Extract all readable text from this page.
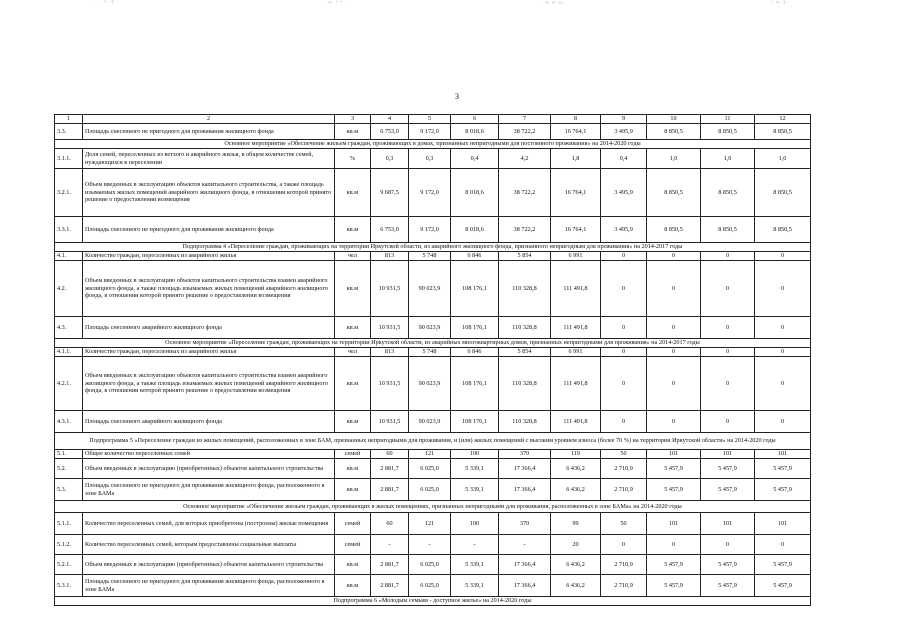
· ·+·† ·	·ч·++·	·ч·о·о·	ˉ·ч·т·
3
1	2	3	4	5	6	7	8	9	10	11	12
3.3.	Площадь снесенного не пригодного для проживания жилищного фонда	кв.м	6 753,0	9 172,0	8 018,6	38 722,2	16 764,1	3 495,9	8 850,5	8 850,5	8 850,5
Основное мероприятие «Обеспечение жильем граждан, проживающих в домах, признанных непригодными для постоянного проживания» на 2014-2020 годы											
3.1.1.	Доля семей, переселенных из ветхого и аварийного жилья, в общем количестве семей, нуждающихся в переселении	%	0,3	0,3	0,4	4,2	1,8	0,4	1,0	1,0	1,0
3.2.1.	Объем введенных в эксплуатацию объектов капитального строительства, а также площадь изымаемых жилых помещений аварийного жилищного фонда, в отношении которой принято решение о предоставлении возмещения	кв.м	9 687,5	9 172,0	8 018,6	38 722,2	16 764,1	3 495,9	8 850,5	8 850,5	8 850,5
3.3.1.	Площадь снесенного не пригодного для проживания жилищного фонда	кв.м	6 753,0	9 172,0	8 018,6	38 722,2	16 764,1	3 495,9	8 850,5	8 850,5	8 850,5
Подпрограмма 4 «Переселение граждан, проживающих на территории Иркутской области, из аварийного жилищного фонда, признанного непригодным для проживания» на 2014-2017 годы											
4.1.	Количество граждан, переселенных из аварийного жилья	чел	813	5 748	6 846	5 854	6 991	0	0	0	0
4.2.	Объем введенных в эксплуатацию объектов капитального строительства взамен аварийного жилищного фонда, а также площадь изымаемых жилых помещений аварийного жилищного фонда, в отношении которой принято решение о предоставлении возмещения	кв.м	10 931,5	90 023,9	108 176,1	110 328,8	111 491,8	0	0	0	0
4.3.	Площадь снесенного аварийного жилищного фонда	кв.м	10 931,5	90 023,9	108 176,1	110 328,8	111 491,8	0	0	0	0
Основное мероприятие «Переселение граждан, проживающих на территории Иркутской области, из аварийных многоквартирных домов, признанных непригодными для проживания» на 2014-2017 годы											
4.1.1.	Количество граждан, переселенных из аварийного жилья	чел	813	5 748	6 846	5 854	6 991	0	0	0	0
4.2.1.	Объем введенных в эксплуатацию объектов капитального строительства взамен аварийного жилищного фонда, а также площадь изымаемых жилых помещений аварийного жилищного фонда, в отношении которой принято решение о предоставлении возмещения	кв.м	10 931,5	90 023,9	108 176,1	110 328,8	111 491,8	0	0	0	0
4.3.1.	Площадь снесенного аварийного жилищного фонда	кв.м	10 931,5	90 023,9	108 176,1	110 328,8	111 491,8	0	0	0	0
Подпрограмма 5 «Переселение граждан из жилых помещений, расположенных в зоне БАМ, признанных непригодными для проживания, и (или) жилых помещений с высоким уровнем износа (более 70 %) на территории Иркутской области» на 2014-2020 годы											
5.1.	Общее количество переселенных семей	семей	60	121	100	370	119	50	101	101	101
5.2.	Объем введенных в эксплуатацию (приобретенных) объектов капитального строительства	кв.м	2 881,7	6 025,0	5 339,1	17 366,4	6 436,2	2 710,9	5 457,9	5 457,9	5 457,9
5.3.	Площадь снесенного не пригодного для проживания жилищного фонда, расположенного в зоне БАМа	кв.м	2 881,7	6 025,0	5 339,1	17 366,4	6 436,2	2 710,9	5 457,9	5 457,9	5 457,9
Основное мероприятие «Обеспечение жильем граждан, проживающих в жилых помещениях, признанных непригодными для проживания, расположенных в зоне БАМа» на 2014-2020 годы											
5.1.1.	Количество переселенных семей, для которых приобретены (построены) жилые помещения	семей	60	121	100	370	99	50	101	101	101
5.1.2.	Количество переселенных семей, которым предоставлены социальные выплаты	семей	-	-	-	-	20	0	0	0	0
5.2.1.	Объем введенных в эксплуатацию (приобретенных) объектов капитального строительства	кв.м	2 881,7	6 025,0	5 339,1	17 366,4	6 436,2	2 710,9	5 457,9	5 457,9	5 457,9
5.3.1.	Площадь снесенного не пригодного для проживания жилищного фонда, расположенного в зоне БАМа	кв.м	2 881,7	6 025,0	5 339,1	17 366,4	6 436,2	2 710,9	5 457,9	5 457,9	5 457,9
Подпрограмма 6 «Молодым семьям - доступное жилье» на 2014-2020 годы											
